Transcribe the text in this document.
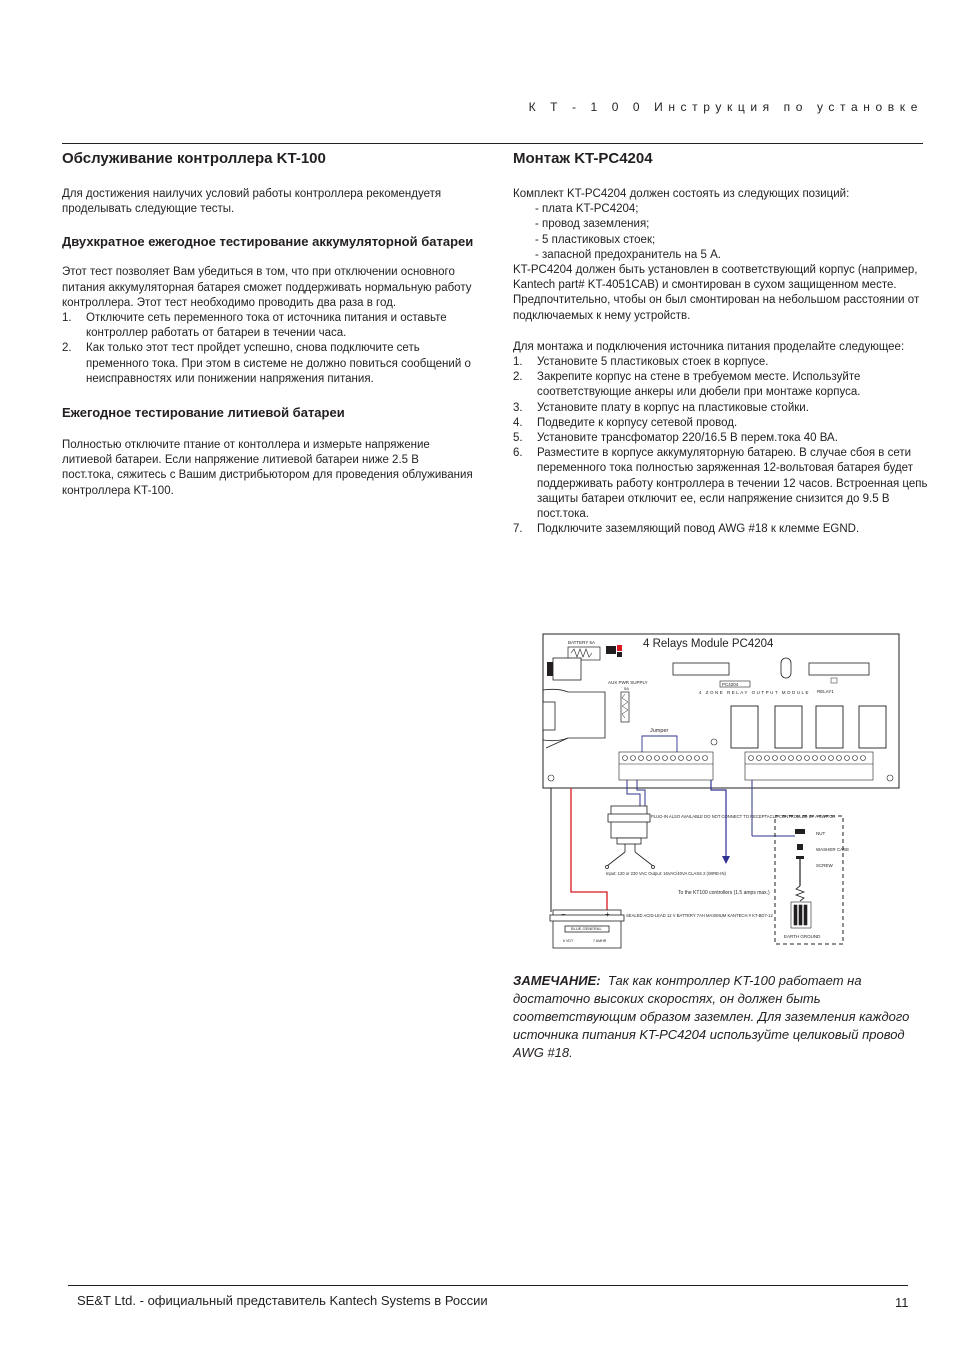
К Т - 1 0 0 Инструкция по установке
Обслуживание контроллера KT-100

Для достижения наилучих условий работы контроллера рекомендуетя проделывать следующие тесты.

Двухкратное ежегодное тестирование аккумуляторной батареи

Этот тест позволяет Вам убедиться в том, что при отключении основного питания аккумуляторная батарея сможет поддерживать нормальную работу контроллера. Этот тест необходимо проводить два раза в год.

1.	Отключите сеть переменного тока от источника питания и оставьте контроллер работать от батареи в течении часа.
2.	Как только этот тест пройдет успешно, снова подключите сеть пременного тока. При этом в системе не должно повиться сообщений о неисправностях или понижении напряжения питания.
Ежегодное тестирование литиевой батареи

Полностью отключите птание от контоллера и измерьте напряжение литиевой батареи. Если напряжение литиевой батареи ниже 2.5 В пост.тока, сяжитесь с Вашим дистрибьютором для проведения облуживания контроллера KT-100.

Монтаж KT-PC4204

Комплект KT-PC4204 должен состоять из следующих позиций:

- плата KT-PC4204;
- провод заземления;
- 5 пластиковых стоек;
- запасной предохранитель на 5 А.

KT-PC4204 должен быть установлен в соответствующий корпус (например, Kantech part# KT-4051CAB) и смонтирован в сухом защищенном месте. Предпочтительно, чтобы он был смонтирован на небольшом расстоянии от подключаемых к нему устройств.

Для монтажа и подключения источника питания проделайте следующее:

1.	Установите 5 пластиковых стоек в корпусе.
2.	Закрепите корпус на стене в требуемом месте. Используйте соответствующие анкеры или дюбели при монтаже корпуса.
3.	Установите плату в корпус на пластиковые стойки.
4.	Подведите к корпусу сетевой провод.
5.	Установите трансфоматор 220/16.5 В перем.тока 40 ВА.
6.	Разместите в корпусе аккумуляторную батарею. В случае сбоя в сети переменного тока полностью заряженная 12-вольтовая батарея будет поддерживать работу контроллера в течении 12 часов. Встроенная цепь защиты батареи отключит ее, если напряжение снизится до 9.5 В пост.тока.
7.	Подключите заземляющий повод AWG #18 к клемме EGND.
4 Relays Module PC4204
BATTERY 5A
AUX PWR SUPPLY
5A
PC4204
4 ZONE RELAY OUTPUT MODULE RELAY1
Jumper
PLUG-IN ALSO AVAILABLE DO NOT CONNECT TO RECEPTACLE CONTROLLED BY A SWITCH
Input: 120 or 230 VAC Output: 16VAC/40VA CLASS 2 (WIRE-IN)
To the KT100 controllers (1.5 amps max.)
−	+
BLUE GENERAL
6 VDT	7 AMHR
SEALED ACID-LEAD 12 V BATTERY 7AH MAXIMUM KANTECH # KT-BD7-12
NUT
WASHER CASE
SCREW
EARTH GROUND
ЗАМЕЧАНИЕ: Так как контроллер KT-100 работает на достаточно высоких скоростях, он должен быть соответствующим образом заземлен. Для заземления каждого источника питания KT-PC4204 используйте целиковый провод AWG #18.
SE&T Ltd. - официальный представитель Kantech Systems в России	11
